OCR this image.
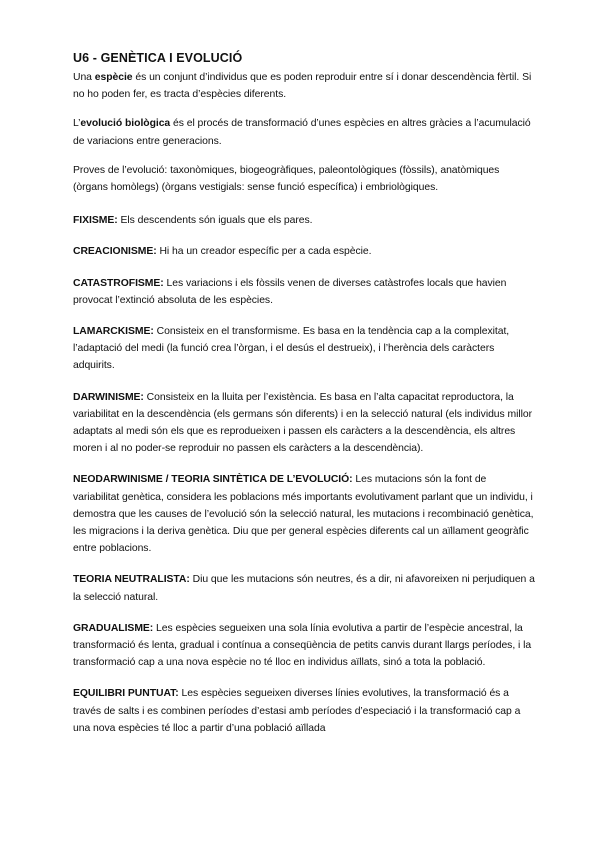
U6 - GENÈTICA I EVOLUCIÓ

Una espècie és un conjunt d’individus que es poden reproduir entre sí i donar descendència fèrtil. Si no ho poden fer, es tracta d’espècies diferents.

L’evolució biològica és el procés de transformació d’unes espècies en altres gràcies a l’acumulació de variacions entre generacions.

Proves de l’evolució: taxonòmiques, biogeogràfiques, paleontològiques (fòssils), anatòmiques (òrgans homòlegs) (òrgans vestigials: sense funció específica) i embriològiques.

FIXISME: Els descendents són iguals que els pares.

CREACIONISME: Hi ha un creador específic per a cada espècie.

CATASTROFISME: Les variacions i els fòssils venen de diverses catàstrofes locals que havien provocat l’extinció absoluta de les espècies.

LAMARCKISME: Consisteix en el transformisme. Es basa en la tendència cap a la complexitat, l’adaptació del medi (la funció crea l’òrgan, i el desús el destrueix), i l’herència dels caràcters adquirits.

DARWINISME: Consisteix en la lluita per l’existència. Es basa en l’alta capacitat reproductora, la variabilitat en la descendència (els germans són diferents) i en la selecció natural (els individus millor adaptats al medi són els que es reprodueixen i passen els caràcters a la descendència, els altres moren i al no poder-se reproduir no passen els caràcters a la descendència).

NEODARWINISME / TEORIA SINTÈTICA DE L’EVOLUCIÓ: Les mutacions són la font de variabilitat genètica, considera les poblacions més importants evolutivament parlant que un individu, i demostra que les causes de l’evolució són la selecció natural, les mutacions i recombinació genètica, les migracions i la deriva genètica. Diu que per general espècies diferents cal un aïllament geogràfic entre poblacions.

TEORIA NEUTRALISTA: Diu que les mutacions són neutres, és a dir, ni afavoreixen ni perjudiquen a la selecció natural.

GRADUALISME: Les espècies segueixen una sola línia evolutiva a partir de l’espècie ancestral, la transformació és lenta, gradual i contínua a conseqüència de petits canvis durant llargs períodes, i la transformació cap a una nova espècie no té lloc en individus aïllats, sinó a tota la població.

EQUILIBRI PUNTUAT: Les espècies segueixen diverses línies evolutives, la transformació és a través de salts i es combinen períodes d’estasi amb períodes d’especiació i la transformació cap a una nova espècies té lloc a partir d’una població aïllada
